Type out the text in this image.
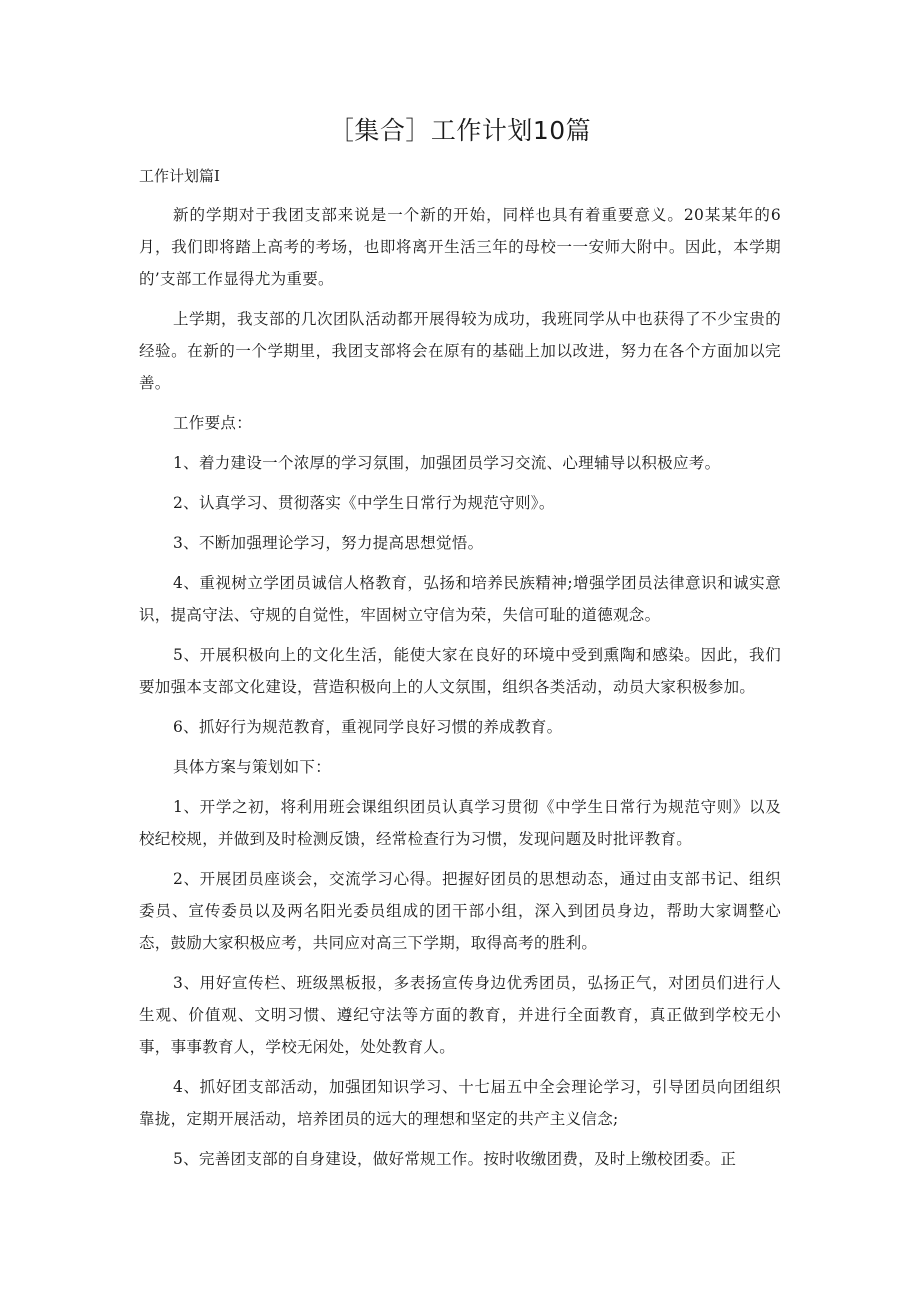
［集合］工作计划10篇
工作计划篇I

新的学期对于我团支部来说是一个新的开始，同样也具有着重要意义。20某某年的6月，我们即将踏上高考的考场，也即将离开生活三年的母校一一安师大附中。因此，本学期的’支部工作显得尤为重要。

上学期，我支部的几次团队活动都开展得较为成功，我班同学从中也获得了不少宝贵的经验。在新的一个学期里，我团支部将会在原有的基础上加以改进，努力在各个方面加以完善。

工作要点：

1、着力建设一个浓厚的学习氛围，加强团员学习交流、心理辅导以积极应考。

2、认真学习、贯彻落实《中学生日常行为规范守则》。

3、不断加强理论学习，努力提高思想觉悟。

4、重视树立学团员诚信人格教育，弘扬和培养民族精神;增强学团员法律意识和诚实意识，提高守法、守规的自觉性，牢固树立守信为荣，失信可耻的道德观念。

5、开展积极向上的文化生活，能使大家在良好的环境中受到熏陶和感染。因此，我们要加强本支部文化建设，营造积极向上的人文氛围，组织各类活动，动员大家积极参加。

6、抓好行为规范教育，重视同学良好习惯的养成教育。

具体方案与策划如下：

1、开学之初，将利用班会课组织团员认真学习贯彻《中学生日常行为规范守则》以及校纪校规，并做到及时检测反馈，经常检查行为习惯，发现问题及时批评教育。

2、开展团员座谈会，交流学习心得。把握好团员的思想动态，通过由支部书记、组织委员、宣传委员以及两名阳光委员组成的团干部小组，深入到团员身边，帮助大家调整心态，鼓励大家积极应考，共同应对高三下学期，取得高考的胜利。

3、用好宣传栏、班级黑板报，多表扬宣传身边优秀团员，弘扬正气，对团员们进行人生观、价值观、文明习惯、遵纪守法等方面的教育，并进行全面教育，真正做到学校无小事，事事教育人，学校无闲处，处处教育人。

4、抓好团支部活动，加强团知识学习、十七届五中全会理论学习，引导团员向团组织靠拢，定期开展活动，培养团员的远大的理想和坚定的共产主义信念;

5、完善团支部的自身建设，做好常规工作。按时收缴团费，及时上缴校团委。正
